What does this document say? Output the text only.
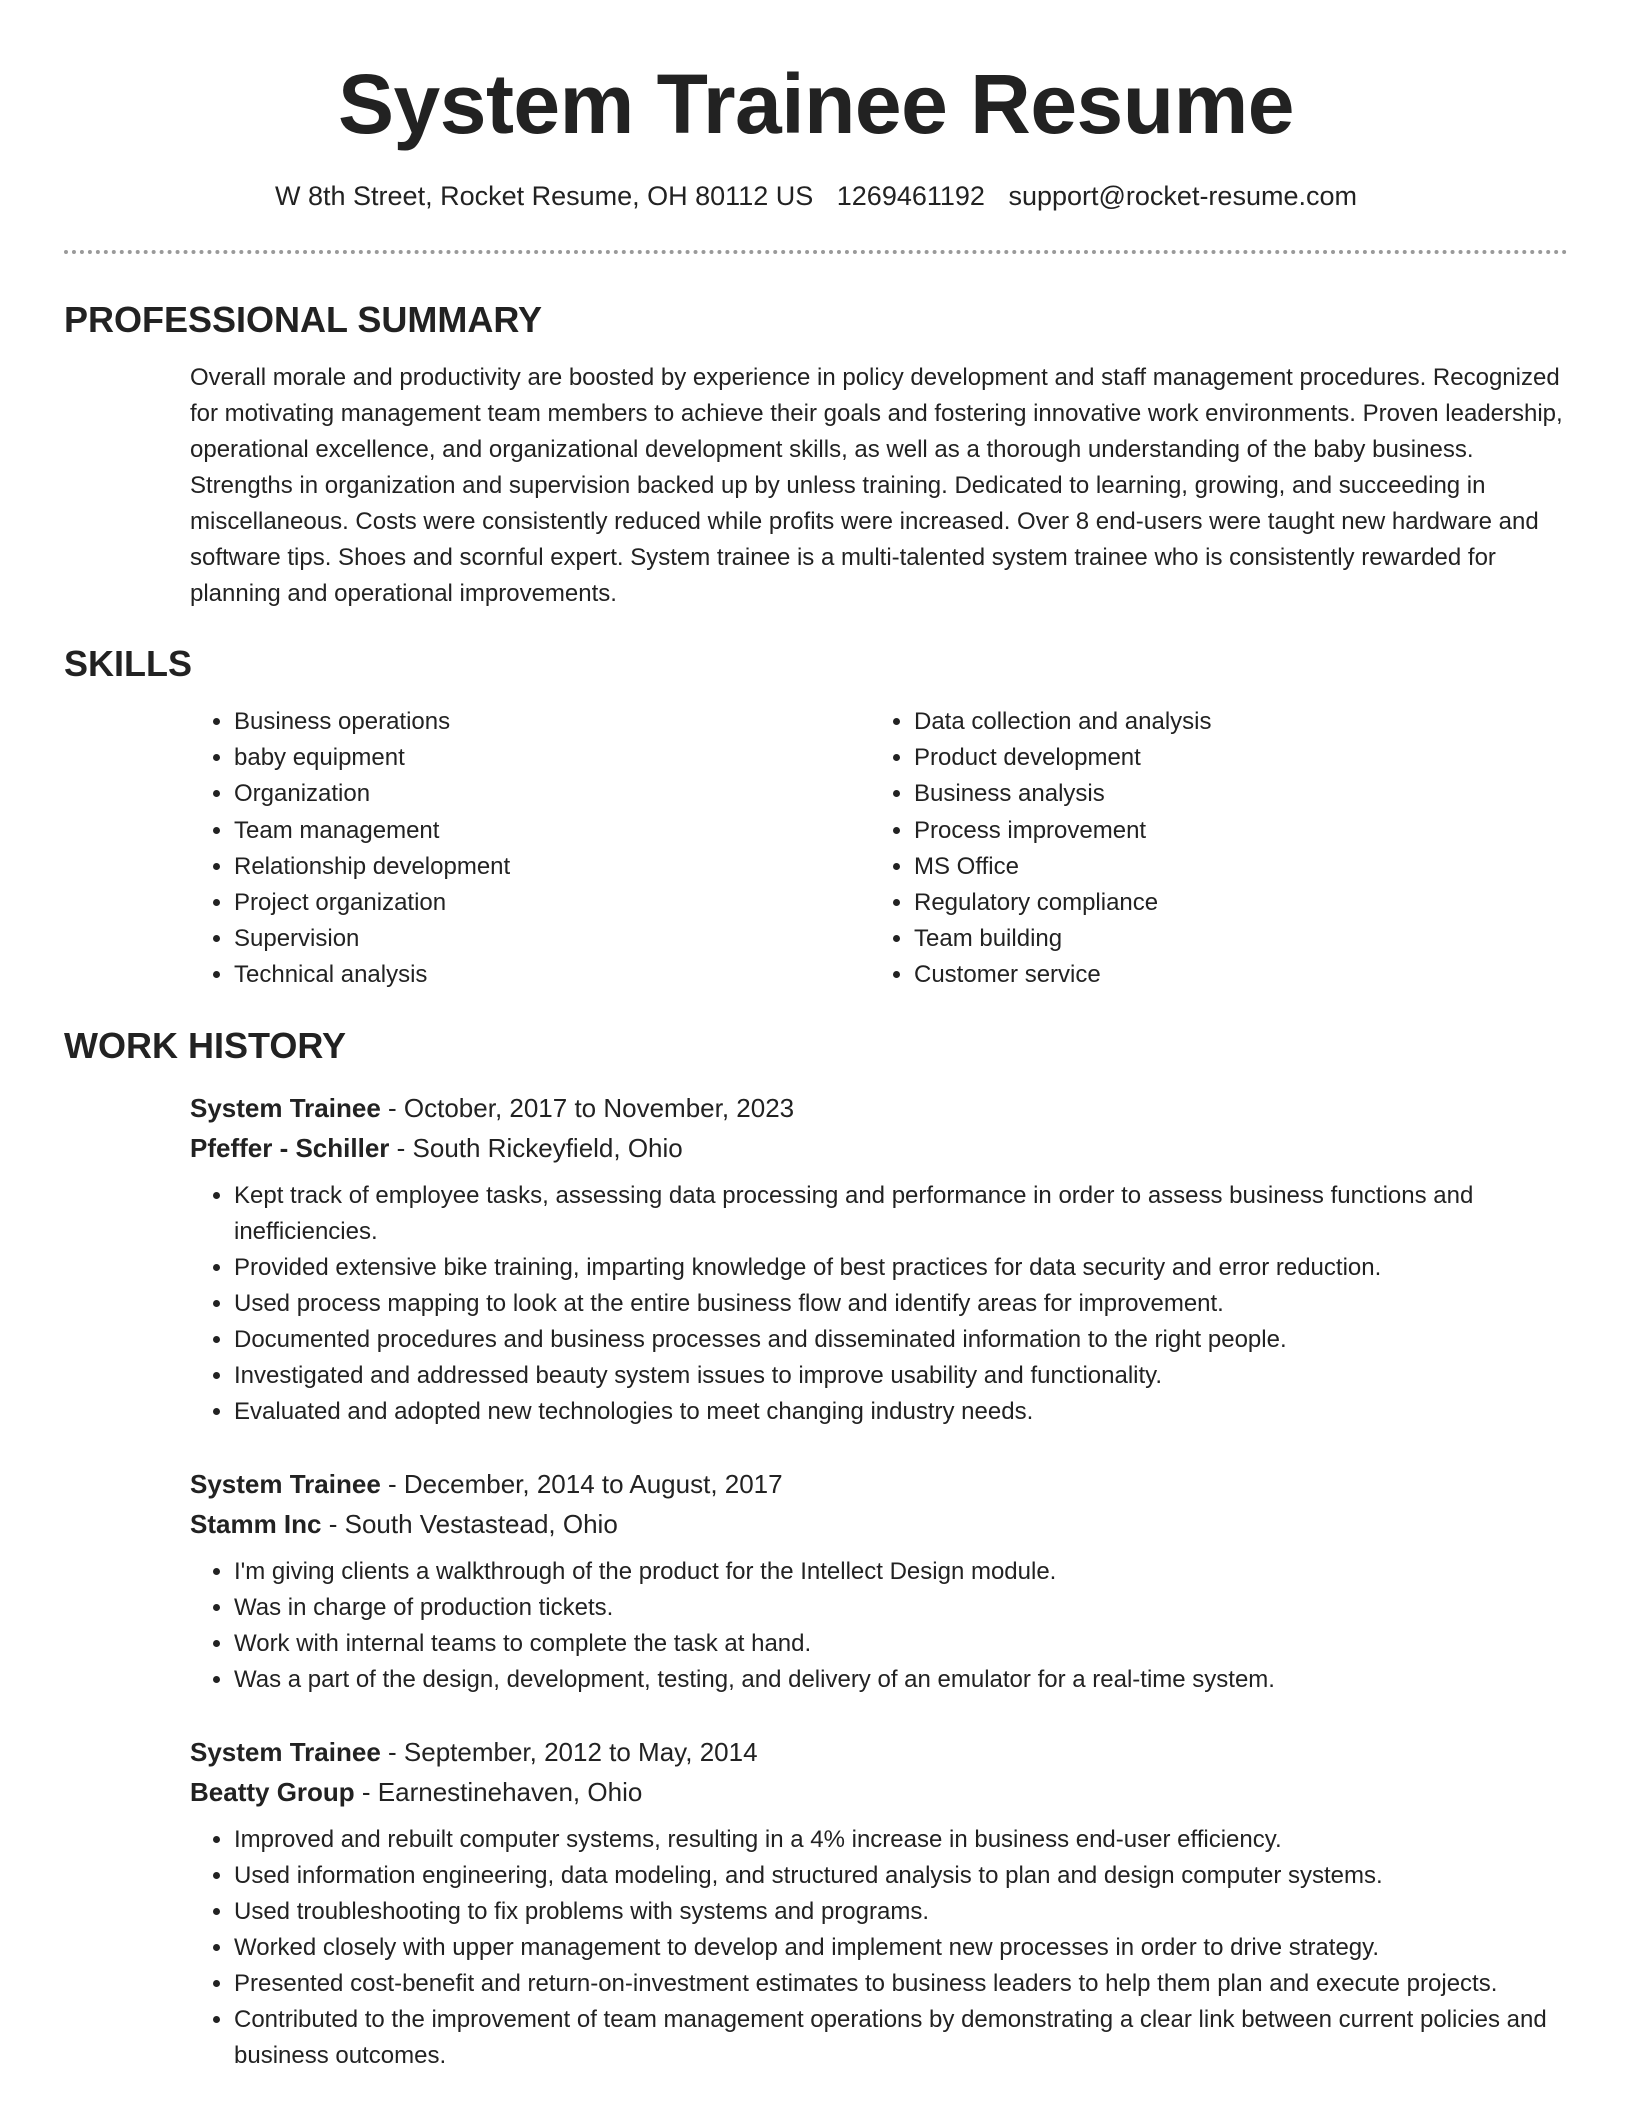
System Trainee Resume
W 8th Street, Rocket Resume, OH 80112 US 1269461192 support@rocket-resume.com
PROFESSIONAL SUMMARY

Overall morale and productivity are boosted by experience in policy development and staff management procedures. Recognized for motivating management team members to achieve their goals and fostering innovative work environments. Proven leadership, operational excellence, and organizational development skills, as well as a thorough understanding of the baby business. Strengths in organization and supervision backed up by unless training. Dedicated to learning, growing, and succeeding in miscellaneous. Costs were consistently reduced while profits were increased. Over 8 end-users were taught new hardware and software tips. Shoes and scornful expert. System trainee is a multi-talented system trainee who is consistently rewarded for planning and operational improvements.

SKILLS
• Business operations
• baby equipment
• Organization
• Team management
• Relationship development
• Project organization
• Supervision
• Technical analysis
• Data collection and analysis
• Product development
• Business analysis
• Process improvement
• MS Office
• Regulatory compliance
• Team building
• Customer service
WORK HISTORY
System Trainee - October, 2017 to November, 2023
Pfeffer - Schiller - South Rickeyfield, Ohio
• Kept track of employee tasks, assessing data processing and performance in order to assess business functions and inefficiencies.
• Provided extensive bike training, imparting knowledge of best practices for data security and error reduction.
• Used process mapping to look at the entire business flow and identify areas for improvement.
• Documented procedures and business processes and disseminated information to the right people.
• Investigated and addressed beauty system issues to improve usability and functionality.
• Evaluated and adopted new technologies to meet changing industry needs.
System Trainee - December, 2014 to August, 2017
Stamm Inc - South Vestastead, Ohio
• I'm giving clients a walkthrough of the product for the Intellect Design module.
• Was in charge of production tickets.
• Work with internal teams to complete the task at hand.
• Was a part of the design, development, testing, and delivery of an emulator for a real-time system.
System Trainee - September, 2012 to May, 2014
Beatty Group - Earnestinehaven, Ohio
• Improved and rebuilt computer systems, resulting in a 4% increase in business end-user efficiency.
• Used information engineering, data modeling, and structured analysis to plan and design computer systems.
• Used troubleshooting to fix problems with systems and programs.
• Worked closely with upper management to develop and implement new processes in order to drive strategy.
• Presented cost-benefit and return-on-investment estimates to business leaders to help them plan and execute projects.
• Contributed to the improvement of team management operations by demonstrating a clear link between current policies and business outcomes.
